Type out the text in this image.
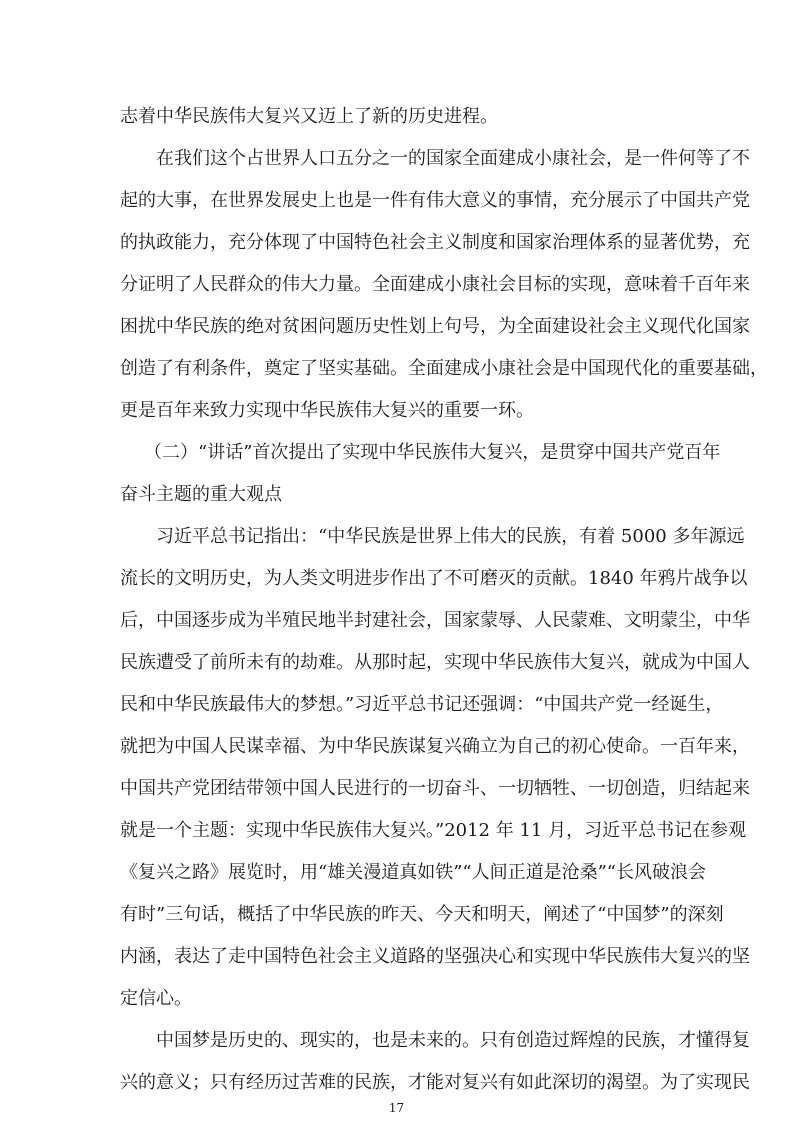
志着中华民族伟大复兴又迈上了新的历史进程。
在我们这个占世界人口五分之一的国家全面建成小康社会，是一件何等了不
起的大事，在世界发展史上也是一件有伟大意义的事情，充分展示了中国共产党
的执政能力，充分体现了中国特色社会主义制度和国家治理体系的显著优势，充
分证明了人民群众的伟大力量。全面建成小康社会目标的实现，意味着千百年来
困扰中华民族的绝对贫困问题历史性划上句号，为全面建设社会主义现代化国家
创造了有利条件，奠定了坚实基础。全面建成小康社会是中国现代化的重要基础，
更是百年来致力实现中华民族伟大复兴的重要一环。
（二）“讲话”首次提出了实现中华民族伟大复兴，是贯穿中国共产党百年
奋斗主题的重大观点
习近平总书记指出：“中华民族是世界上伟大的民族，有着 5000 多年源远
流长的文明历史，为人类文明进步作出了不可磨灭的贡献。1840 年鸦片战争以
后，中国逐步成为半殖民地半封建社会，国家蒙辱、人民蒙难、文明蒙尘，中华
民族遭受了前所未有的劫难。从那时起，实现中华民族伟大复兴，就成为中国人
民和中华民族最伟大的梦想。”习近平总书记还强调：“中国共产党一经诞生，
就把为中国人民谋幸福、为中华民族谋复兴确立为自己的初心使命。一百年来，
中国共产党团结带领中国人民进行的一切奋斗、一切牺牲、一切创造，归结起来
就是一个主题：实现中华民族伟大复兴。”2012 年 11 月，习近平总书记在参观
《复兴之路》展览时，用“雄关漫道真如铁”“人间正道是沧桑”“长风破浪会
有时”三句话，概括了中华民族的昨天、今天和明天，阐述了“中国梦”的深刻
内涵，表达了走中国特色社会主义道路的坚强决心和实现中华民族伟大复兴的坚
定信心。
中国梦是历史的、现实的，也是未来的。只有创造过辉煌的民族，才懂得复
兴的意义；只有经历过苦难的民族，才能对复兴有如此深切的渴望。为了实现民
17
